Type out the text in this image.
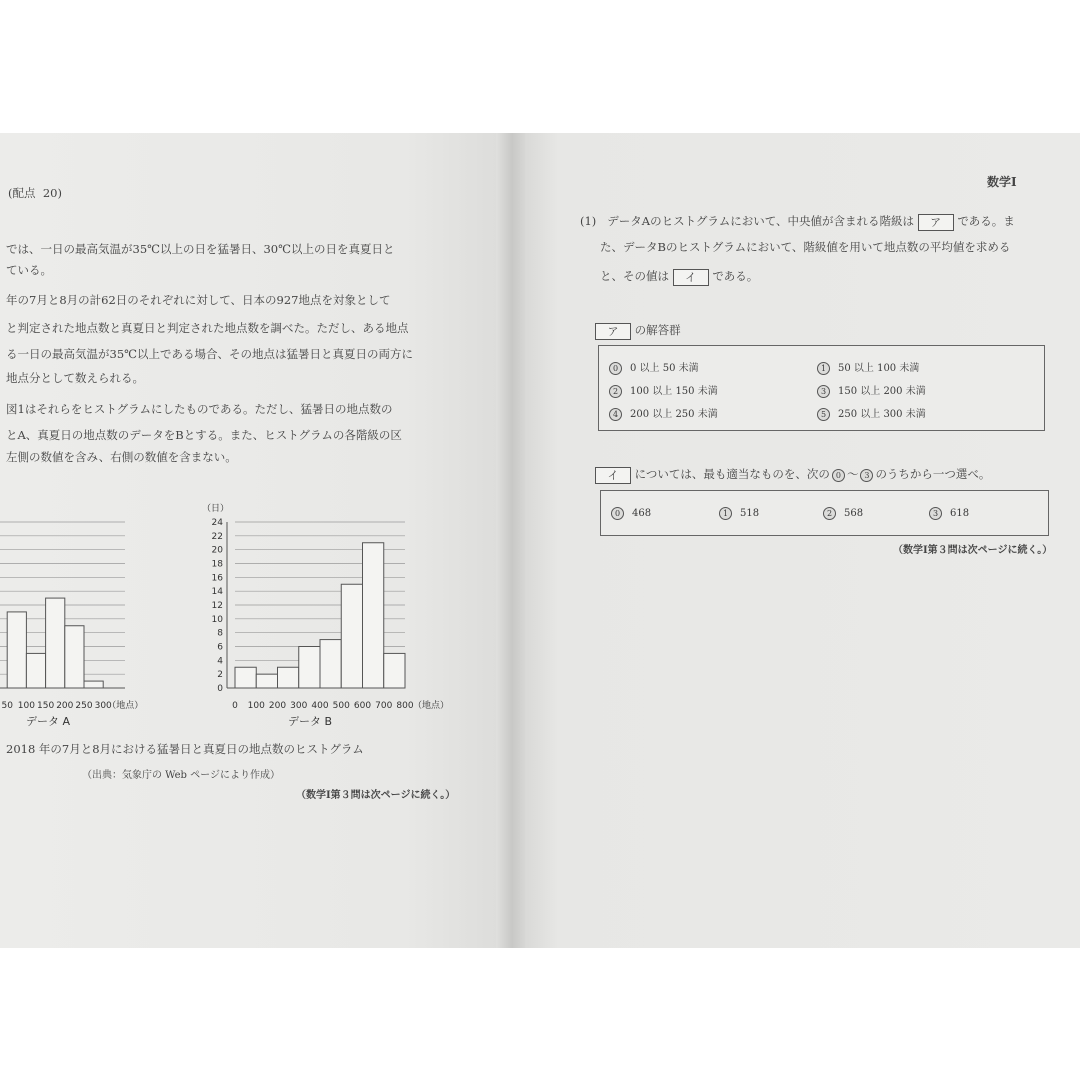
(配点 20)
では、一日の最高気温が35℃以上の日を猛暑日、30℃以上の日を真夏日と
ている。
年の7月と8月の計62日のそれぞれに対して、日本の927地点を対象として
と判定された地点数と真夏日と判定された地点数を調べた。ただし、ある地点
る一日の最高気温が35℃以上である場合、その地点は猛暑日と真夏日の両方に
地点分として数えられる。
図1はそれらをヒストグラムにしたものである。ただし、猛暑日の地点数の
とA、真夏日の地点数のデータをBとする。また、ヒストグラムの各階級の区
左側の数値を含み、右側の数値を含まない。
50 100 150 200 250 300
（地点）
データ A
（日）
0
2
4
6
8
10
12
14
16
18
20
22
24
0 100 200 300 400 500 600 700 800 （地点）
データ B
2018 年の7月と8月における猛暑日と真夏日の地点数のヒストグラム
（出典：気象庁の Web ページにより作成）
（数学Ⅰ第３問は次ページに続く。）
数学Ⅰ
(1) データAのヒストグラムにおいて、中央値が含まれる階級は ア である。ま
た、データBのヒストグラムにおいて、階級値を用いて地点数の平均値を求める
と、その値は イ である。
ア の解答群
0 0 以上 50 未満	1 50 以上 100 未満
2 100 以上 150 未満	3 150 以上 200 未満
4 200 以上 250 未満	5 250 以上 300 未満
イ については、最も適当なものを、次の 0 ～ 3 のうちから一つ選べ。
0 468	1 518	2 568	3 618
（数学Ⅰ第３問は次ページに続く。）
